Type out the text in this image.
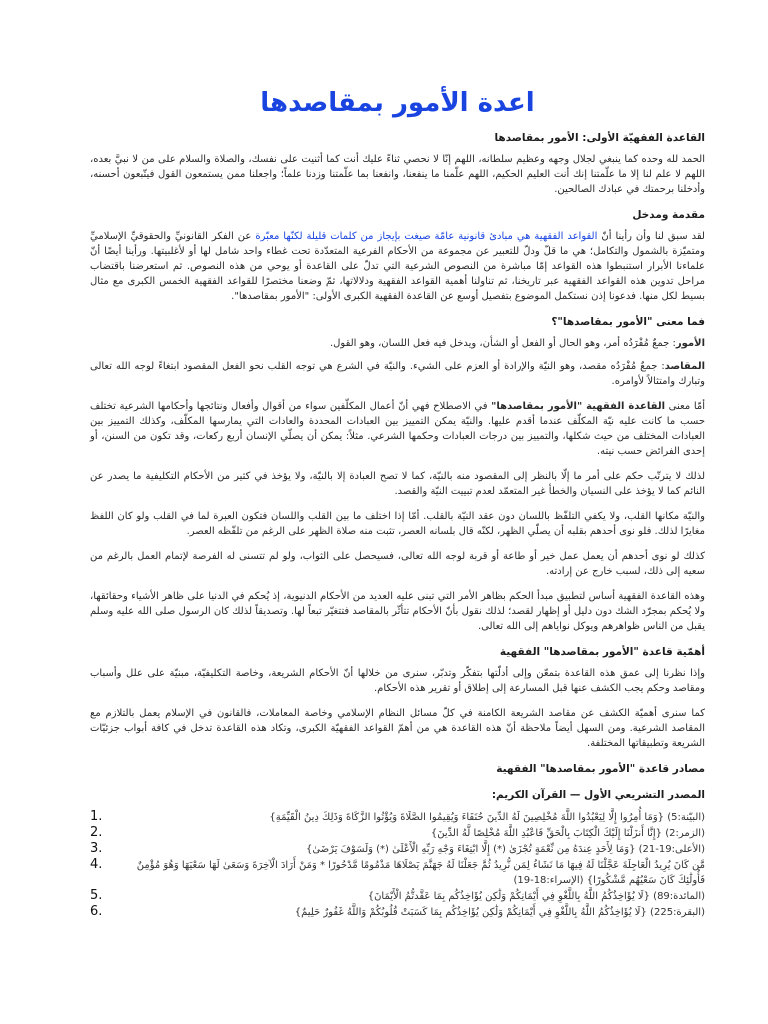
اعدة الأمور بمقاصدها
القاعدة الفقهيّة الأولى: الأمور بمقاصدها

الحمد لله وحده كما ينبغي لجلال وجهه وعظيم سلطانه، اللهم إنّا لا نحصي ثناءً عليك أنت كما أثنيت على نفسك، والصلاة والسلام على من لا نبيَّ بعده، اللهم لا علم لنا إلا ما علّمتنا إنك أنت العليم الحكيم، اللهم علّمنا ما ينفعنا، وانفعنا بما علّمتنا وزدنا علماً؛ واجعلنا ممن يستمعون القول فيتّبعون أحسنه، وأدخلنا برحمتك في عبادك الصالحين.

مقدمة ومدخل

لقد سبق لنا وأن رأينا أنّ القواعد الفقهية هي مبادئ قانونية عامّة صيغت بإيجاز من كلمات قليلة لكنّها معبّرة عن الفكر القانونيِّ والحقوقيِّ الإسلاميِّ ومتميّزة بالشمول والتكامل؛ هي ما قلّ ودلّ للتعبير عن مجموعة من الأحكام الفرعية المتعدّدة تحت غطاء واحد شامل لها أو لأغلبيتها. ورأينا أيضًا أنّ علماءنا الأبرار استنبطوا هذه القواعد إمّا مباشرة من النصوص الشرعية التي تدلّ على القاعدة أو يوحي من هذه النصوص. ثم استعرضنا باقتضاب مراحل تدوين هذه القواعد الفقهية عبر تاريخنا، ثم تناولنا أهمية القواعد الفقهية ودلالاتها، ثمّ وضعنا مختصرًا للقواعد الفقهية الخمس الكبرى مع مثال بسيط لكل منها. فدعونا إذن نستكمل الموضوع بتفصيل أوسع عن القاعدة الفقهية الكبرى الأولى: "الأمور بمقاصدها".

فما معنى "الأمور بمقاصدها"؟

الأمور: جمعٌ مُفْرَدُه أمر، وهو الحال أو الفعل أو الشأن، ويدخل فيه فعل اللسان، وهو القول.

المقاصد: جمعٌ مُفْرَدُه مقصد، وهو النيّة والإرادة أو العزم على الشيء. والنيّة في الشرع هي توجه القلب نحو الفعل المقصود ابتغاءً لوجه الله تعالى وتبارك وامتثالاً لأوامره.

أمّا معنى القاعدة الفقهية "الأمور بمقاصدها" في الاصطلاح فهي أنّ أعمال المكلّفين سواء من أقوال وأفعال ونتائجها وأحكامها الشرعية تختلف حسب ما كانت عليه نيّة المكلّف عندما أقدم عليها. والنيّة يمكن التمييز بين العبادات المحددة والعادات التي يمارسها المكلّف، وكذلك التمييز بين العبادات المختلف من حيث شكلها، والتمييز بين درجات العبادات وحكمها الشرعي. مثلاً: يمكن أن يصلّي الإنسان أربع ركعات، وقد تكون من السنن، أو إحدى الفرائض حسب نيته.

لذلك لا يترتّب حكم على أمر ما إلّا بالنظر إلى المقصود منه بالنيّة، كما لا تصح العبادة إلا بالنيّة، ولا يؤخذ في كثير من الأحكام التكليفية ما يصدر عن النائم كما لا يؤخذ على النسيان والخطأ غير المتعمّد لعدم تبييت النيّة والقصد.

والنيّة مكانها القلب، ولا يكفي التلفّظ باللسان دون عقد النيّة بالقلب. أمّا إذا اختلف ما بين القلب واللسان فتكون العبرة لما في القلب ولو كان اللفظ مغايرًا لذلك. فلو نوى أحدهم بقلبه أن يصلّي الظهر، لكنّه قال بلسانه العصر، تثبت منه صلاة الظهر على الرغم من تلفّظه العصر.

كذلك لو نوى أحدهم أن يعمل عمل خير أو طاعة أو قربة لوجه الله تعالى، فسيحصل على الثواب، ولو لم تتسنى له الفرصة لإتمام العمل بالرغم من سعيه إلى ذلك، لسبب خارج عن إرادته.

وهذه القاعدة الفقهية أساس لتطبيق مبدأ الحكم بظاهر الأمر التي تبنى عليه العديد من الأحكام الدنيوية، إذ يُحكم في الدنيا على ظاهر الأشياء وحقائقها، ولا يُحكم بمجرّد الشك دون دليل أو إظهار لقصد؛ لذلك نقول بأنّ الأحكام تتأثّر بالمقاصد فتتغيّر تبعاً لها. وتصديقاً لذلك كان الرسول صلى الله عليه وسلم يقبل من الناس ظواهرهم ويوكل نواياهم إلى الله تعالى.

أهمّية قاعدة "الأمور بمقاصدها" الفقهية

وإذا نظرنا إلى عمق هذه القاعدة بتمعّن وإلى أدلّتها بتفكّر وتدبّر، سنرى من خلالها أنّ الأحكام الشريعة، وخاصة التكليفيّة، مبنيّة على علل وأسباب ومقاصد وحكم يجب الكشف عنها قبل المسارعة إلى إطلاق أو تقرير هذه الأحكام.

كما سنرى أهميّة الكشف عن مقاصد الشريعة الكامنة في كلّ مسائل النظام الإسلامي وخاصة المعاملات، فالقانون في الإسلام يعمل بالتلازم مع المقاصد الشرعية. ومن السهل أيضاً ملاحظة أنّ هذه القاعدة هي من أهمّ القواعد الفقهيّة الكبرى، وتكاد هذه القاعدة تدخل في كافة أبواب جزئيّات الشريعة وتطبيقاتها المختلفة.

مصادر قاعدة "الأمور بمقاصدها" الفقهية
المصدر التشريعي الأول — القرآن الكريم:
1.	(البيّنة:5) {وَمَا أُمِرُوا إِلَّا لِيَعْبُدُوا اللَّهَ مُخْلِصِينَ لَهُ الدِّينَ حُنَفَاءَ وَيُقِيمُوا الصَّلَاةَ وَيُؤْتُوا الزَّكَاةَ وَذَلِكَ دِينُ الْقَيِّمَةِ}
2.	(الزمر:2) {إِنَّا أَنزَلْنَا إِلَيْكَ الْكِتَابَ بِالْحَقِّ فَاعْبُدِ اللَّهَ مُخْلِصًا لَّهُ الدِّينَ}
3.	(الأعلى:19-21) {وَمَا لِأَحَدٍ عِندَهُ مِن نِّعْمَةٍ تُجْزَىٰ (*) إِلَّا ابْتِغَاءَ وَجْهِ رَبِّهِ الْأَعْلَىٰ (*) وَلَسَوْفَ يَرْضَىٰ}
4.	مَّن كَانَ يُرِيدُ الْعَاجِلَةَ عَجَّلْنَا لَهُ فِيهَا مَا نَشَاءُ لِمَن نُّرِيدُ ثُمَّ جَعَلْنَا لَهُ جَهَنَّمَ يَصْلَاهَا مَذْمُومًا مَّدْحُورًا * وَمَنْ أَرَادَ الْآخِرَةَ وَسَعَىٰ لَهَا سَعْيَهَا وَهُوَ مُؤْمِنٌ فَأُولَٰئِكَ كَانَ سَعْيُهُم مَّشْكُورًا} (الإسراء:18-19)
5.	(المائدة:89) {لَا يُؤَاخِذُكُمُ اللَّهُ بِاللَّغْوِ فِي أَيْمَانِكُمْ وَلَٰكِن يُؤَاخِذُكُم بِمَا عَقَّدتُّمُ الْأَيْمَانَ}
6.	(البقرة:225) {لَا يُؤَاخِذُكُمُ اللَّهُ بِاللَّغْوِ فِي أَيْمَانِكُمْ وَلَٰكِن يُؤَاخِذُكُم بِمَا كَسَبَتْ قُلُوبُكُمْ وَاللَّهُ غَفُورٌ حَلِيمٌ}
